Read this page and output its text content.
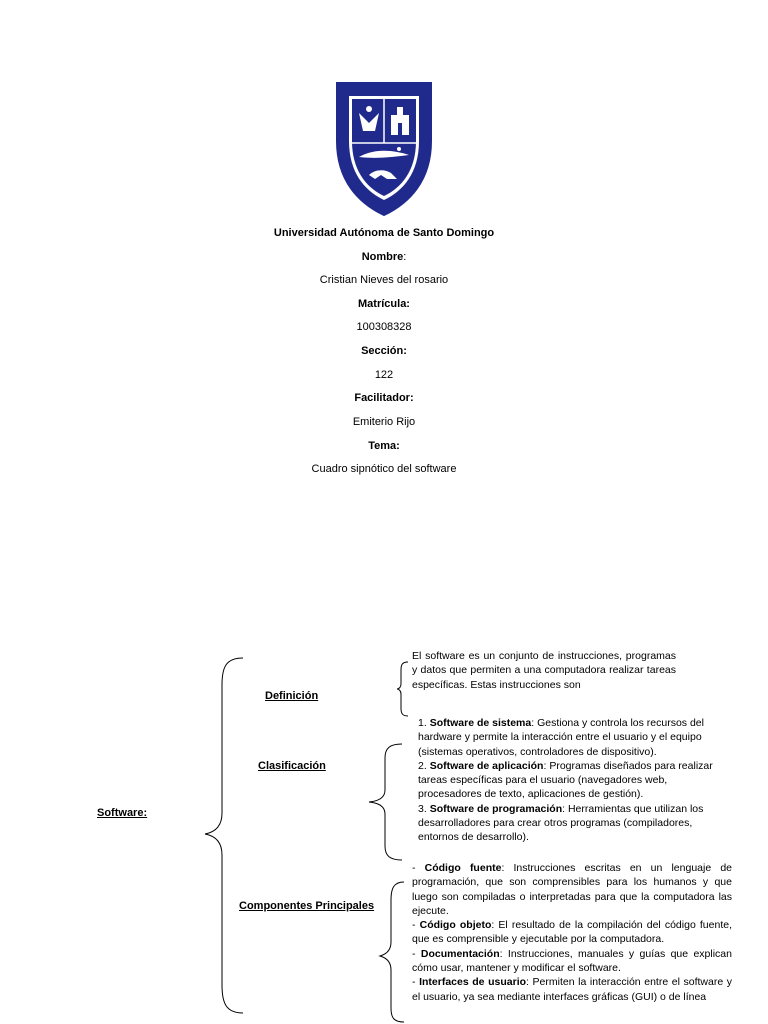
Universidad Autónoma de Santo Domingo
Nombre:
Cristian Nieves del rosario
Matrícula:
100308328
Sección:
122
Facilitador:
Emiterio Rijo
Tema:
Cuadro sipnótico del software
Software:
Definición
Clasificación
Componentes Principales
El software es un conjunto de instrucciones, programas y datos que permiten a una computadora realizar tareas específicas. Estas instrucciones son
1. Software de sistema: Gestiona y controla los recursos del hardware y permite la interacción entre el usuario y el equipo (sistemas operativos, controladores de dispositivo).
2. Software de aplicación: Programas diseñados para realizar tareas específicas para el usuario (navegadores web, procesadores de texto, aplicaciones de gestión).
3. Software de programación: Herramientas que utilizan los desarrolladores para crear otros programas (compiladores, entornos de desarrollo).
- Código fuente: Instrucciones escritas en un lenguaje de programación, que son comprensibles para los humanos y que luego son compiladas o interpretadas para que la computadora las ejecute.
- Código objeto: El resultado de la compilación del código fuente, que es comprensible y ejecutable por la computadora.
- Documentación: Instrucciones, manuales y guías que explican cómo usar, mantener y modificar el software.
- Interfaces de usuario: Permiten la interacción entre el software y el usuario, ya sea mediante interfaces gráficas (GUI) o de línea
